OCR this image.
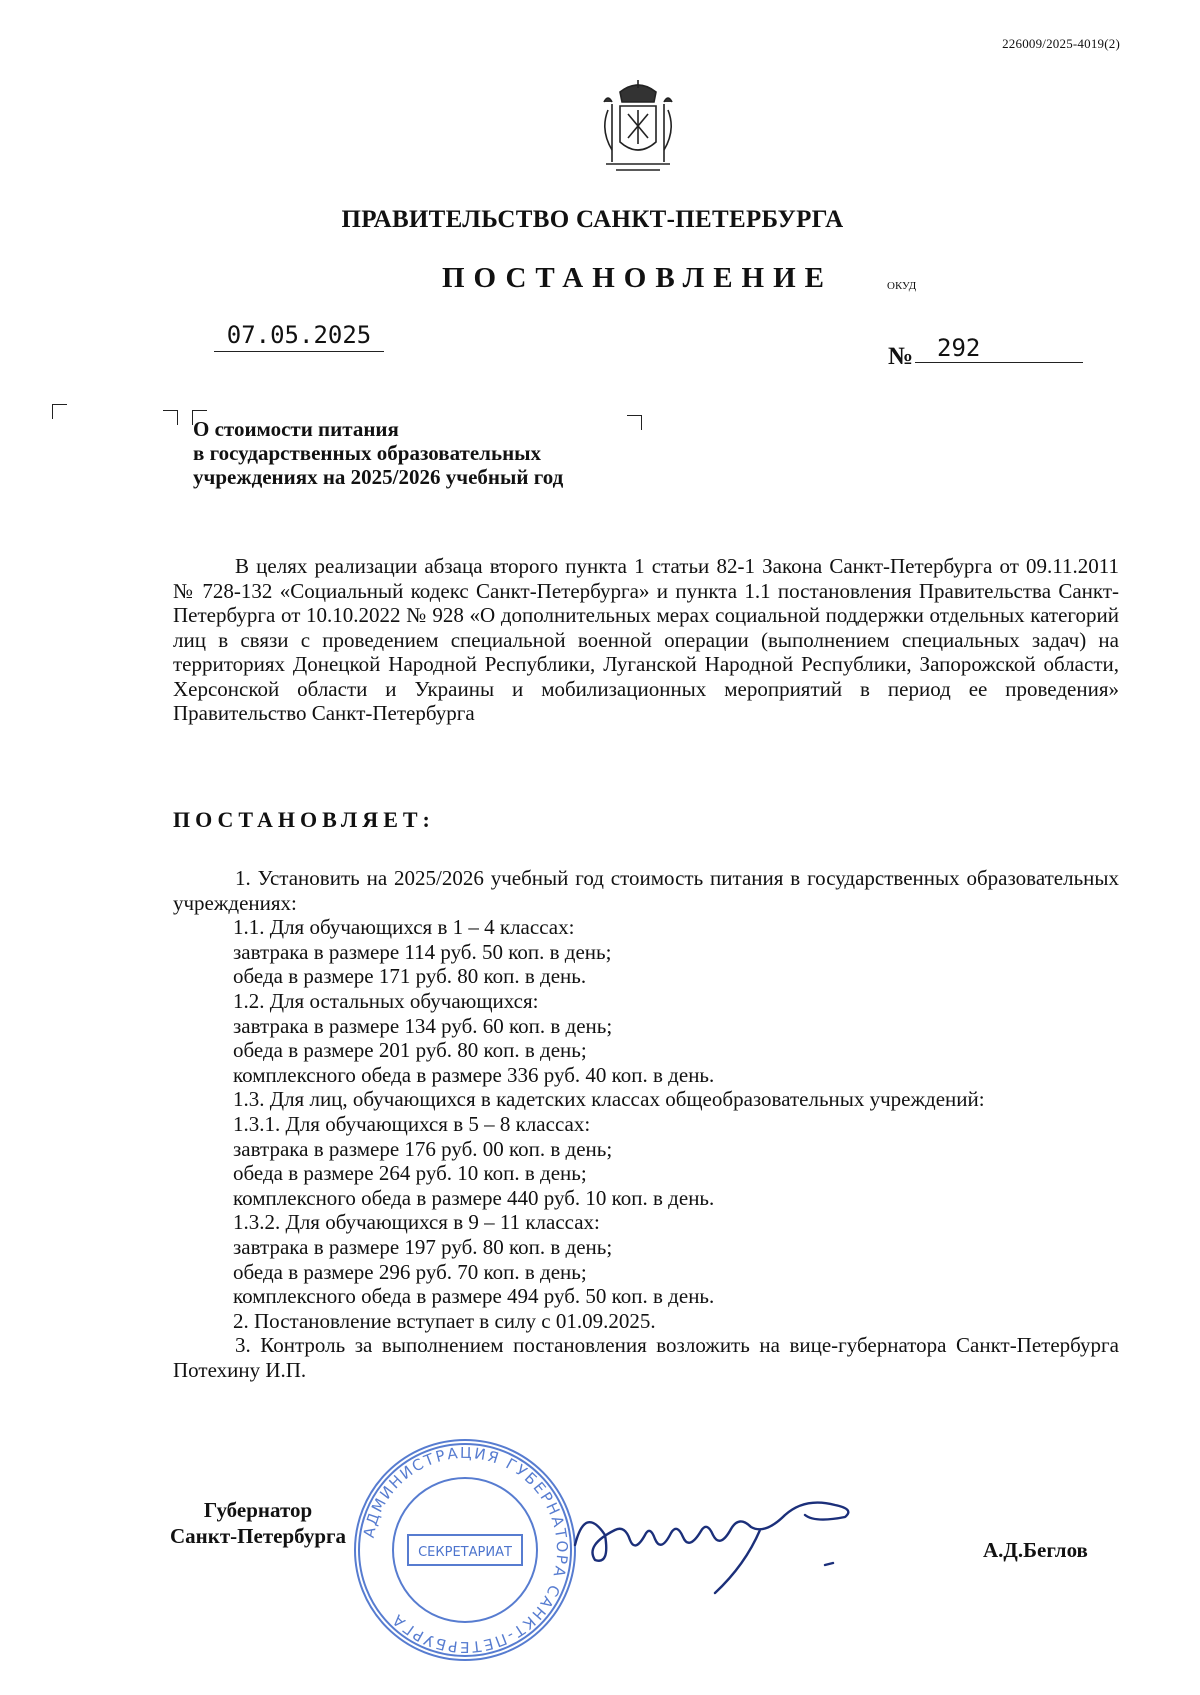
226009/2025-4019(2)
ПРАВИТЕЛЬСТВО САНКТ-ПЕТЕРБУРГА
ПОСТАНОВЛЕНИЕ	ОКУД
07.05.2025
№ 292
О стоимости питания
в государственных образовательных
учреждениях на 2025/2026 учебный год
В целях реализации абзаца второго пункта 1 статьи 82-1 Закона Санкт-Петербурга от 09.11.2011 № 728-132 «Социальный кодекс Санкт-Петербурга» и пункта 1.1 постановления Правительства Санкт-Петербурга от 10.10.2022 № 928 «О дополнительных мерах социальной поддержки отдельных категорий лиц в связи с проведением специальной военной операции (выполнением специальных задач) на территориях Донецкой Народной Республики, Луганской Народной Республики, Запорожской области, Херсонской области и Украины и мобилизационных мероприятий в период ее проведения» Правительство Санкт-Петербурга
ПОСТАНОВЛЯЕТ:
1. Установить на 2025/2026 учебный год стоимость питания в государственных образовательных учреждениях:
1.1. Для обучающихся в 1 – 4 классах:
завтрака в размере 114 руб. 50 коп. в день;
обеда в размере 171 руб. 80 коп. в день.
1.2. Для остальных обучающихся:
завтрака в размере 134 руб. 60 коп. в день;
обеда в размере 201 руб. 80 коп. в день;
комплексного обеда в размере 336 руб. 40 коп. в день.
1.3. Для лиц, обучающихся в кадетских классах общеобразовательных учреждений:
1.3.1. Для обучающихся в 5 – 8 классах:
завтрака в размере 176 руб. 00 коп. в день;
обеда в размере 264 руб. 10 коп. в день;
комплексного обеда в размере 440 руб. 10 коп. в день.
1.3.2. Для обучающихся в 9 – 11 классах:
завтрака в размере 197 руб. 80 коп. в день;
обеда в размере 296 руб. 70 коп. в день;
комплексного обеда в размере 494 руб. 50 коп. в день.
2. Постановление вступает в силу с 01.09.2025.
3. Контроль за выполнением постановления возложить на вице-губернатора Санкт-Петербурга Потехину И.П.
Губернатор
Санкт-Петербурга АДМИНИСТРАЦИЯ ГУБЕРНАТОРА САНКТ-ПЕТЕРБУРГА
СЕКРЕТАРИАТ	А.Д.Беглов
